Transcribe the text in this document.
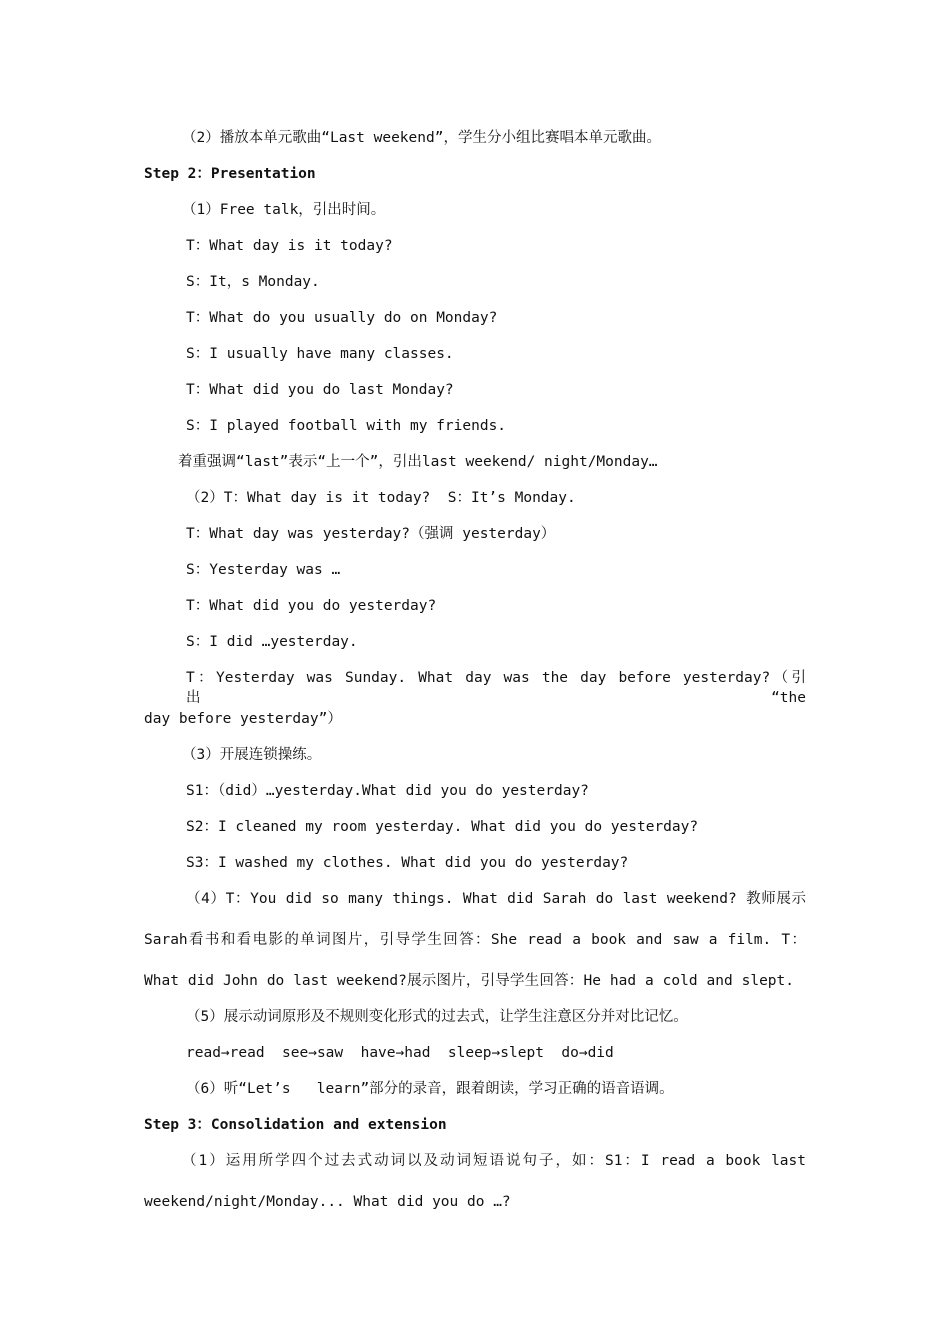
（2）播放本单元歌曲“Last weekend”，学生分小组比赛唱本单元歌曲。
Step 2：Presentation
（1）Free talk，引出时间。
T：What day is it today?
S：It，s Monday.
T：What do you usually do on Monday?
S：I usually have many classes.
T：What did you do last Monday?
S：I played football with my friends.
着重强调“last”表示“上一个”，引出last weekend/ night/Monday…
（2）T：What day is it today?  S：It’s Monday.
T：What day was yesterday?（强调 yesterday）
S：Yesterday was …
T：What did you do yesterday?
S：I did …yesterday.
T：Yesterday was Sunday. What day was the day before yesterday?（引出“the
day before yesterday”）
（3）开展连锁操练。
S1：（did）…yesterday.What did you do yesterday?
S2：I cleaned my room yesterday. What did you do yesterday?
S3：I washed my clothes. What did you do yesterday?
（4）T：You did so many things. What did Sarah do last weekend? 教师展示
Sarah看书和看电影的单词图片，引导学生回答：She read a book and saw a film. T：
What did John do last weekend?展示图片，引导学生回答：He had a cold and slept.
（5）展示动词原形及不规则变化形式的过去式，让学生注意区分并对比记忆。
read→read  see→saw  have→had  sleep→slept  do→did
（6）听“Let’s   learn”部分的录音，跟着朗读，学习正确的语音语调。
Step 3：Consolidation and extension
（1）运用所学四个过去式动词以及动词短语说句子，如：S1：I read a book last
weekend/night/Monday... What did you do …?
